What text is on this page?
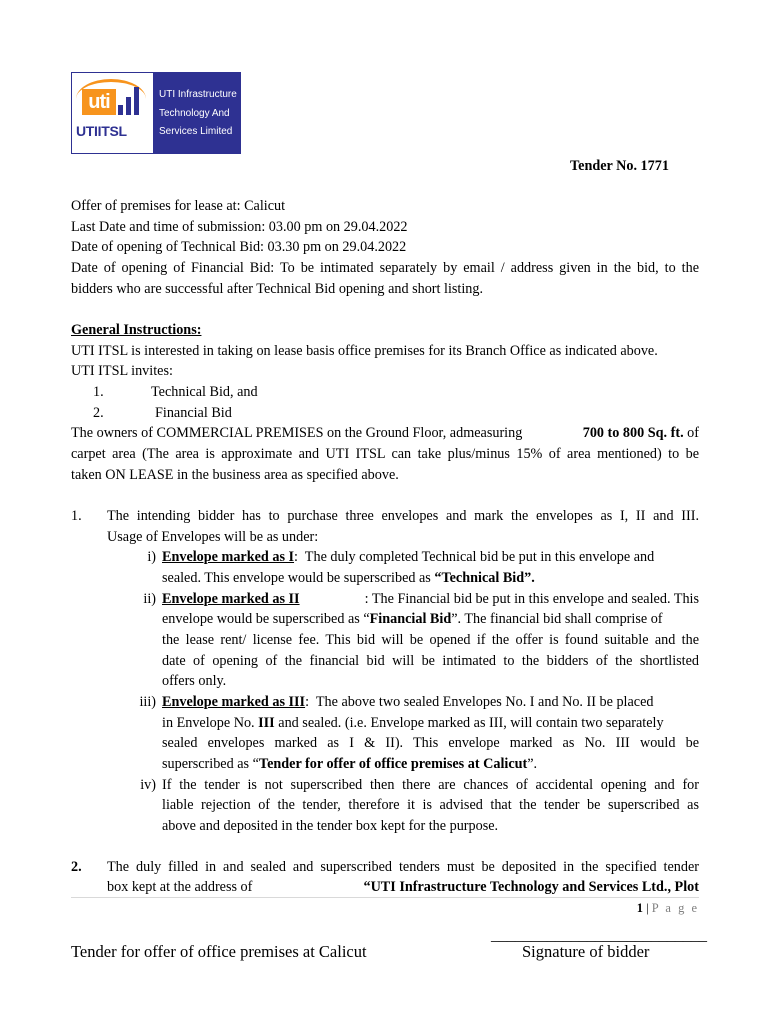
uti
UTIITSL
UTI Infrastructure
Technology And
Services Limited
Tender No. 1771
Offer of premises for lease at: Calicut
Last Date and time of submission: 03.00 pm on 29.04.2022
Date of opening of Technical Bid: 03.30 pm on 29.04.2022
Date of opening of Financial Bid: To be intimated separately by email / address given in the bid, to the
bidders who are successful after Technical Bid opening and short listing.
General Instructions:
UTI ITSL is interested in taking on lease basis office premises for its Branch Office as indicated above.
UTI ITSL invites:
1.	Technical Bid, and
2.	Financial Bid
The owners of COMMERCIAL PREMISES on the Ground Floor, admeasuring	700 to 800 Sq. ft. of
carpet area (The area is approximate and UTI ITSL can take plus/minus 15% of area mentioned) to be
taken ON LEASE in the business area as specified above.
1. The intending bidder has to purchase three envelopes and mark the envelopes as I, II and III.
Usage of Envelopes will be as under:
i) Envelope marked as I:  The duly completed Technical bid be put in this envelope and
sealed. This envelope would be superscribed as “Technical Bid”.
ii) Envelope marked as II	: The Financial bid be put in this envelope and sealed. This
envelope would be superscribed as “Financial Bid”. The financial bid shall comprise of
the lease rent/ license fee. This bid will be opened if the offer is found suitable and the
date of opening of the financial bid will be intimated to the bidders of the shortlisted
offers only.
iii) Envelope marked as III:  The above two sealed Envelopes No. I and No. II be placed
in Envelope No. III and sealed. (i.e. Envelope marked as III, will contain two separately
sealed envelopes marked as I & II). This envelope marked as No. III would be
superscribed as “Tender for offer of office premises at Calicut”.
iv) If the tender is not superscribed then there are chances of accidental opening and for
liable rejection of the tender, therefore it is advised that the tender be superscribed as
above and deposited in the tender box kept for the purpose.
2. The duly filled in and sealed and superscribed tenders must be deposited in the specified tender
box kept at the address of	“UTI Infrastructure Technology and Services Ltd., Plot
1 | P a g e
Tender for offer of office premises at Calicut
___________________________
Signature of bidder
